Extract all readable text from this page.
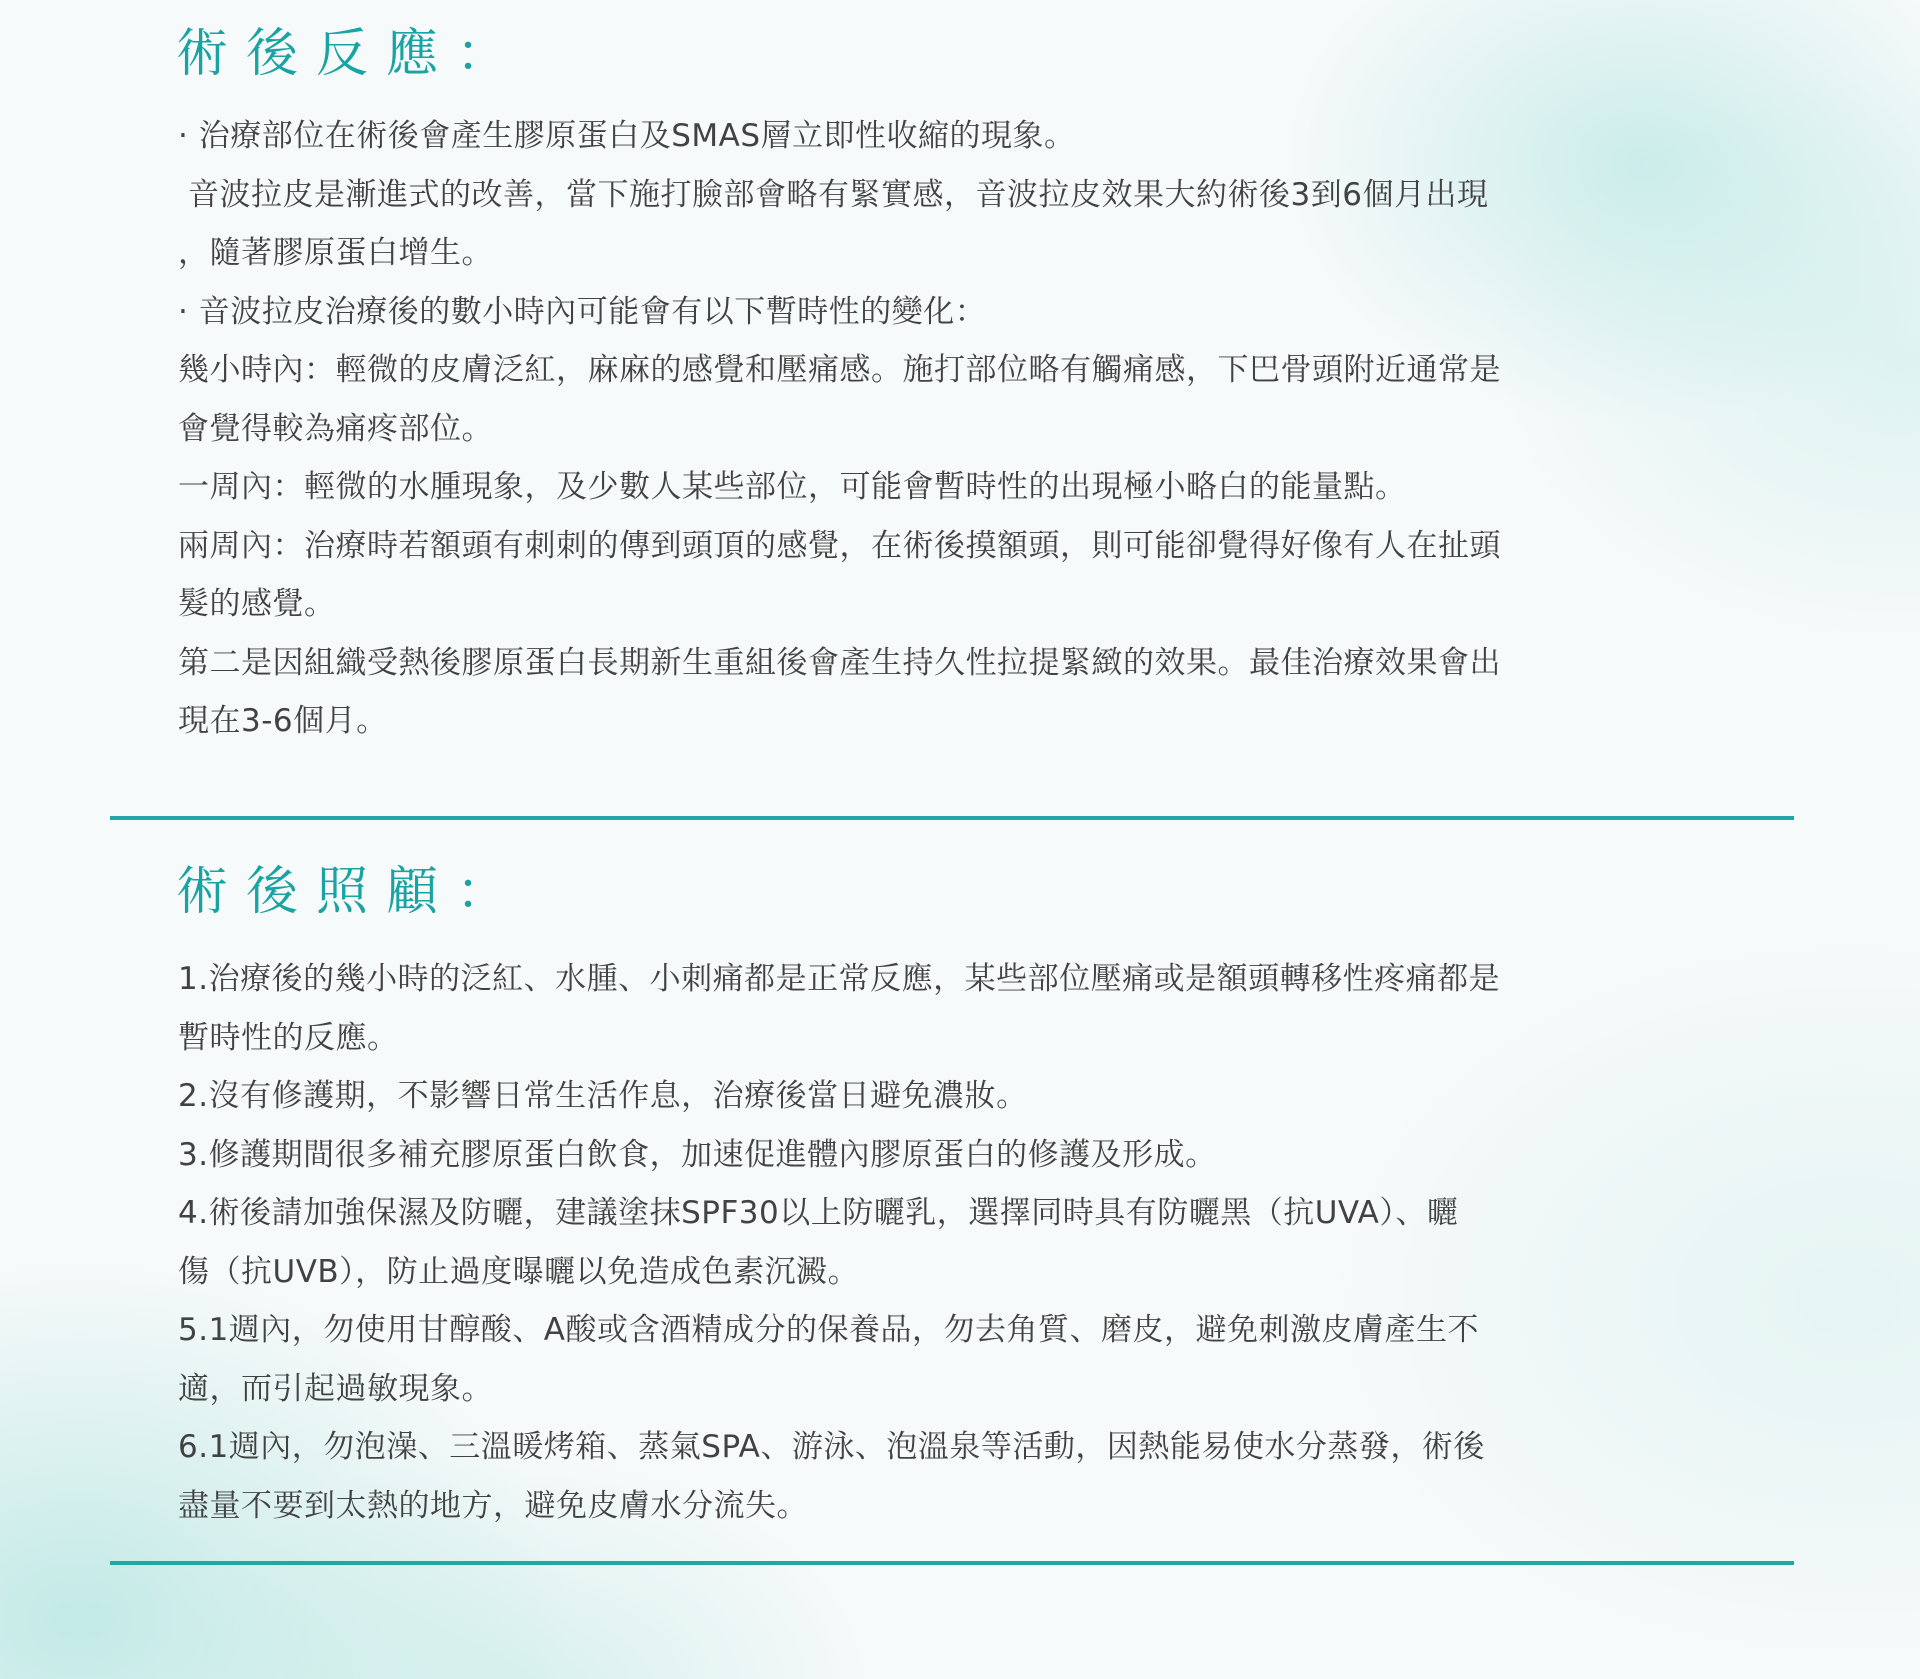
術後反應：
· 治療部位在術後會產生膠原蛋白及SMAS層立即性收縮的現象。
音波拉皮是漸進式的改善，當下施打臉部會略有緊實感，音波拉皮效果大約術後3到6個月出現
，隨著膠原蛋白增生。
· 音波拉皮治療後的數小時內可能會有以下暫時性的變化：
幾小時內：輕微的皮膚泛紅，麻麻的感覺和壓痛感。施打部位略有觸痛感，下巴骨頭附近通常是
會覺得較為痛疼部位。
一周內：輕微的水腫現象，及少數人某些部位，可能會暫時性的出現極小略白的能量點。
兩周內：治療時若額頭有刺刺的傳到頭頂的感覺，在術後摸額頭，則可能卻覺得好像有人在扯頭
髮的感覺。
第二是因組織受熱後膠原蛋白長期新生重組後會產生持久性拉提緊緻的效果。最佳治療效果會出
現在3-6個月。
術後照顧：
1.治療後的幾小時的泛紅、水腫、小刺痛都是正常反應，某些部位壓痛或是額頭轉移性疼痛都是
暫時性的反應。
2.沒有修護期，不影響日常生活作息，治療後當日避免濃妝。
3.修護期間很多補充膠原蛋白飲食，加速促進體內膠原蛋白的修護及形成。
4.術後請加強保濕及防曬，建議塗抹SPF30以上防曬乳，選擇同時具有防曬黑（抗UVA）、曬
傷（抗UVB），防止過度曝曬以免造成色素沉澱。
5.1週內，勿使用甘醇酸、A酸或含酒精成分的保養品，勿去角質、磨皮，避免刺激皮膚產生不
適，而引起過敏現象。
6.1週內，勿泡澡、三溫暖烤箱、蒸氣SPA、游泳、泡溫泉等活動，因熱能易使水分蒸發，術後
盡量不要到太熱的地方，避免皮膚水分流失。
